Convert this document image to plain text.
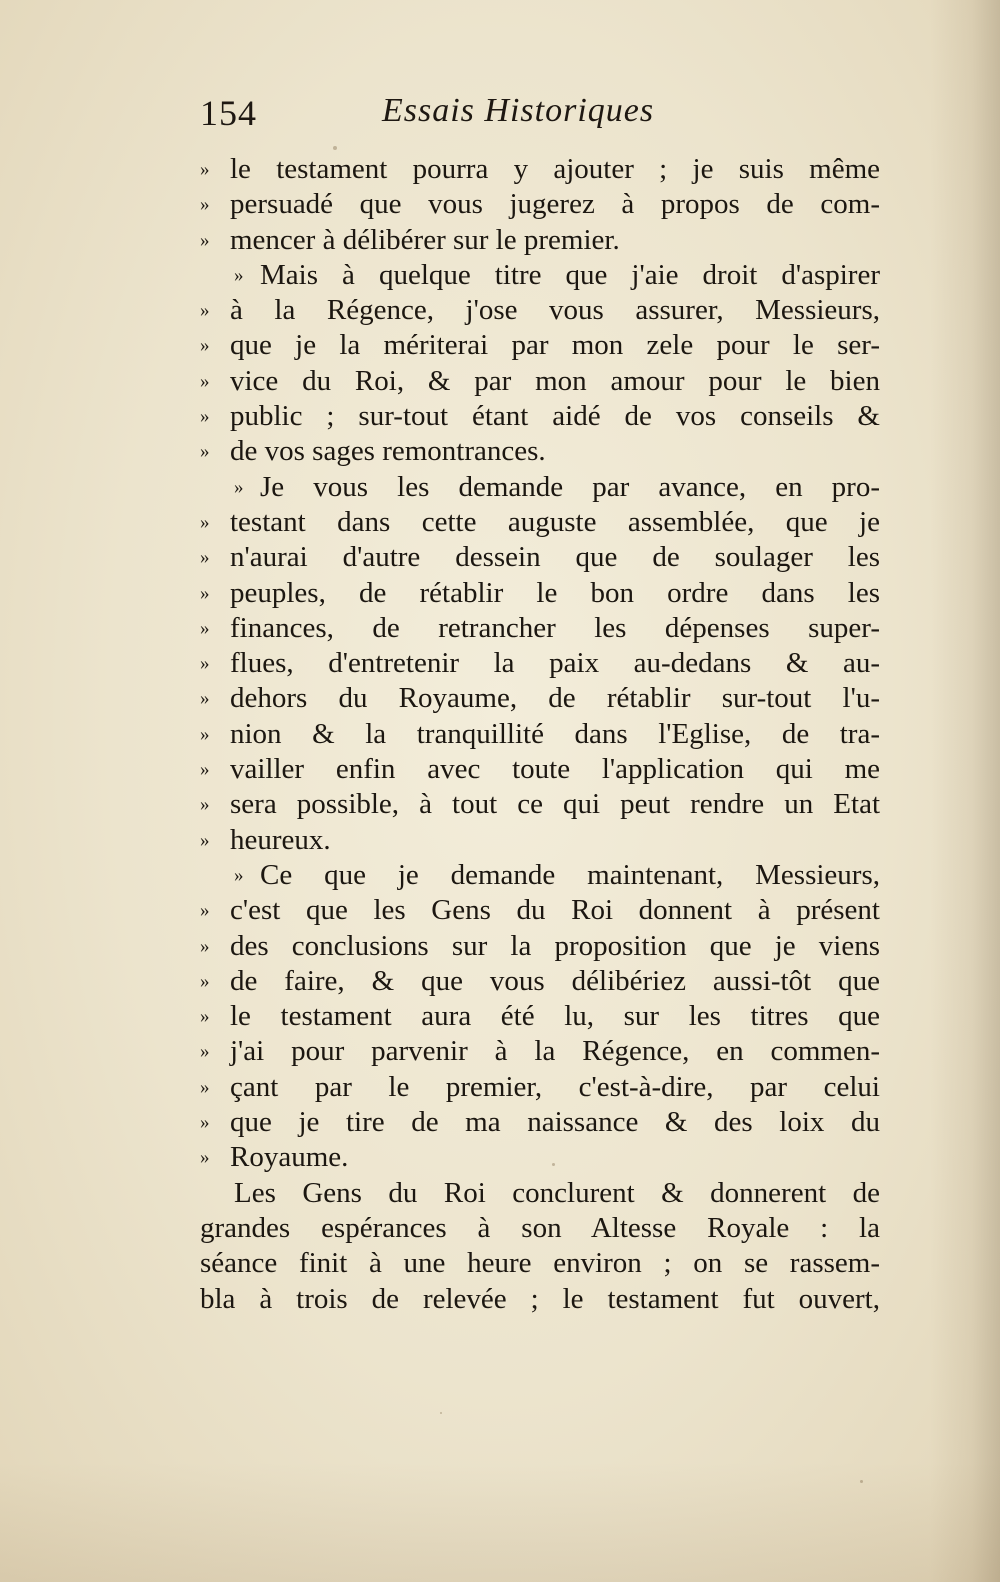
154	Essais Historiques
» le testament pourra y ajouter ; je suis même
» persuadé que vous jugerez à propos de com-
» mencer à délibérer sur le premier.
» Mais à quelque titre que j'aie droit d'aspirer
» à la Régence, j'ose vous assurer, Messieurs,
» que je la mériterai par mon zele pour le ser-
» vice du Roi, & par mon amour pour le bien
» public ; sur-tout étant aidé de vos conseils &
» de vos sages remontrances.
» Je vous les demande par avance, en pro-
» testant dans cette auguste assemblée, que je
» n'aurai d'autre dessein que de soulager les
» peuples, de rétablir le bon ordre dans les
» finances, de retrancher les dépenses super-
» flues, d'entretenir la paix au-dedans & au-
» dehors du Royaume, de rétablir sur-tout l'u-
» nion & la tranquillité dans l'Eglise, de tra-
» vailler enfin avec toute l'application qui me
» sera possible, à tout ce qui peut rendre un Etat
» heureux.
» Ce que je demande maintenant, Messieurs,
» c'est que les Gens du Roi donnent à présent
» des conclusions sur la proposition que je viens
» de faire, & que vous délibériez aussi-tôt que
» le testament aura été lu, sur les titres que
» j'ai pour parvenir à la Régence, en commen-
» çant par le premier, c'est-à-dire, par celui
» que je tire de ma naissance & des loix du
» Royaume.
Les Gens du Roi conclurent & donnerent de
grandes espérances à son Altesse Royale : la
séance finit à une heure environ ; on se rassem-
bla à trois de relevée ; le testament fut ouvert,
